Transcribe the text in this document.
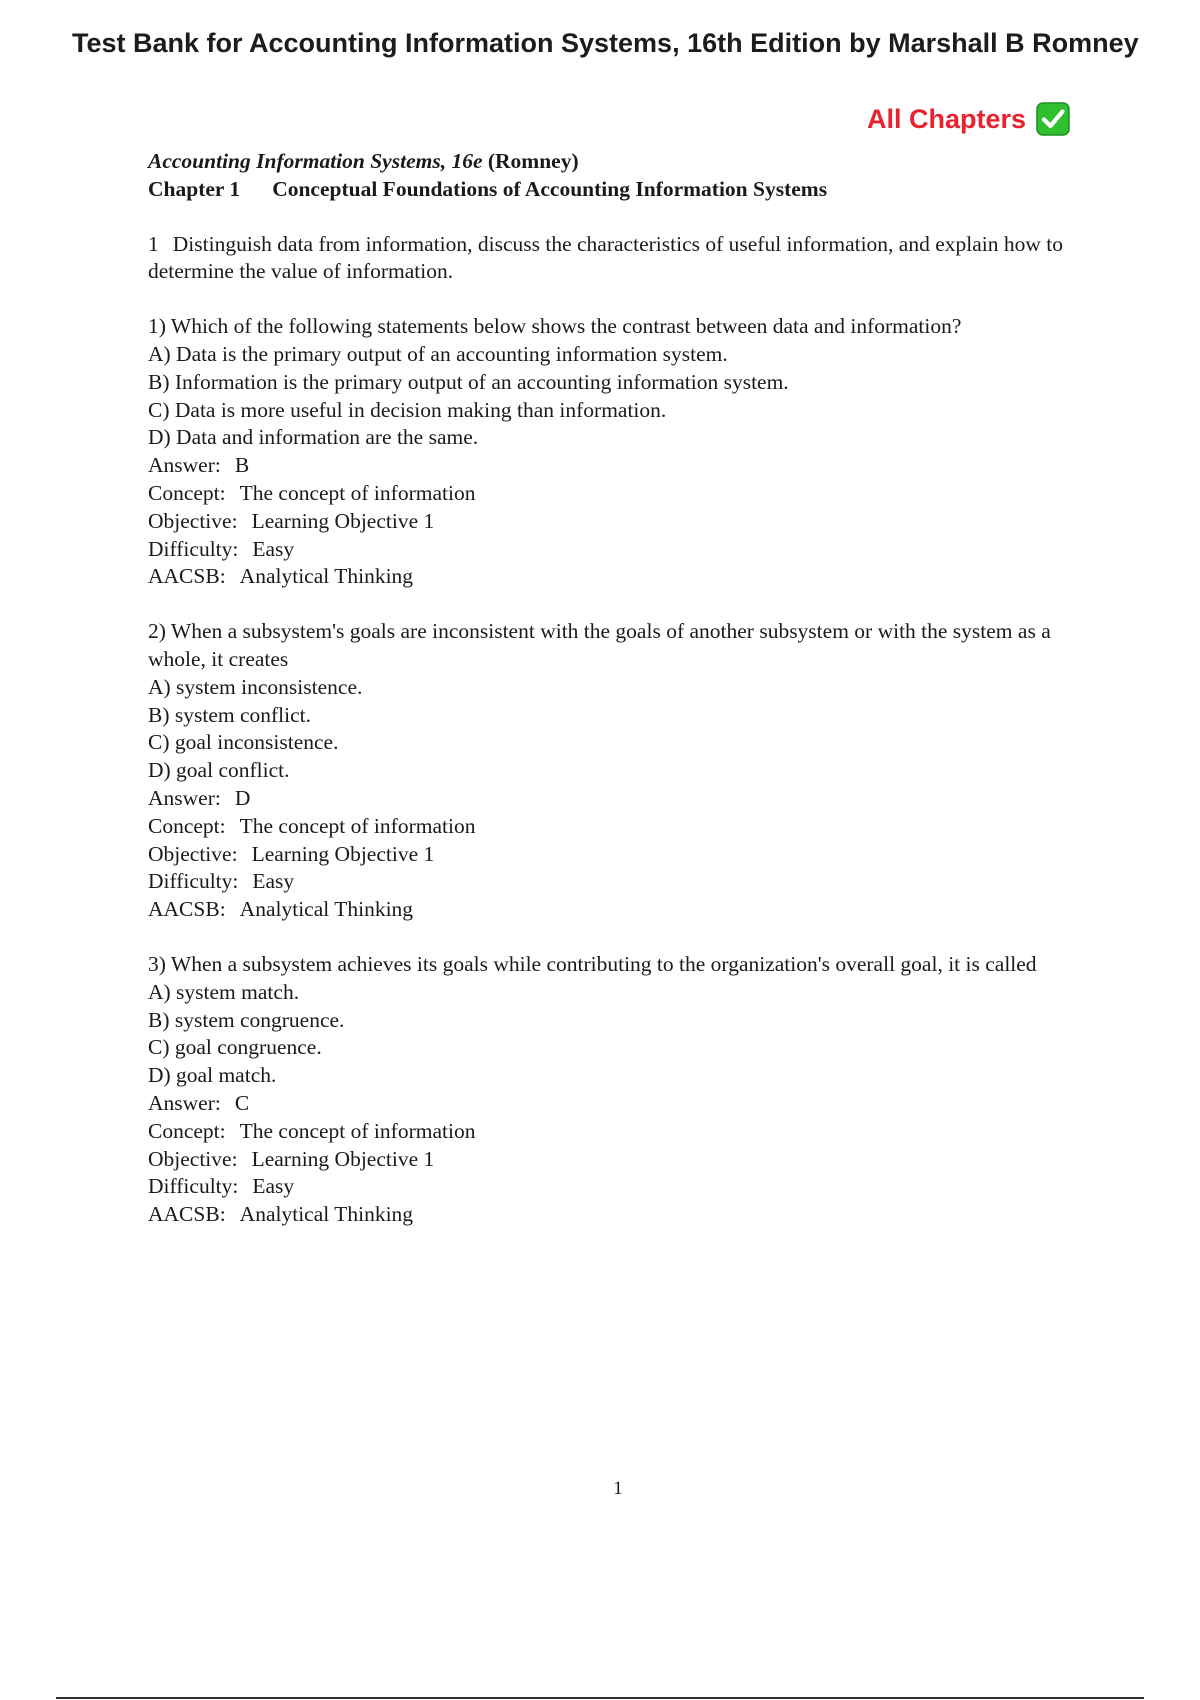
Test Bank for Accounting Information Systems, 16th Edition by Marshall B Romney
All Chapters
Accounting Information Systems, 16e (Romney)
Chapter 1 Conceptual Foundations of Accounting Information Systems
1 Distinguish data from information, discuss the characteristics of useful information, and explain how to determine the value of information.
1) Which of the following statements below shows the contrast between data and information?
A) Data is the primary output of an accounting information system.
B) Information is the primary output of an accounting information system.
C) Data is more useful in decision making than information.
D) Data and information are the same.
Answer: B
Concept: The concept of information
Objective: Learning Objective 1
Difficulty: Easy
AACSB: Analytical Thinking
2) When a subsystem's goals are inconsistent with the goals of another subsystem or with the system as a whole, it creates
A) system inconsistence.
B) system conflict.
C) goal inconsistence.
D) goal conflict.
Answer: D
Concept: The concept of information
Objective: Learning Objective 1
Difficulty: Easy
AACSB: Analytical Thinking
3) When a subsystem achieves its goals while contributing to the organization's overall goal, it is called
A) system match.
B) system congruence.
C) goal congruence.
D) goal match.
Answer: C
Concept: The concept of information
Objective: Learning Objective 1
Difficulty: Easy
AACSB: Analytical Thinking
1
